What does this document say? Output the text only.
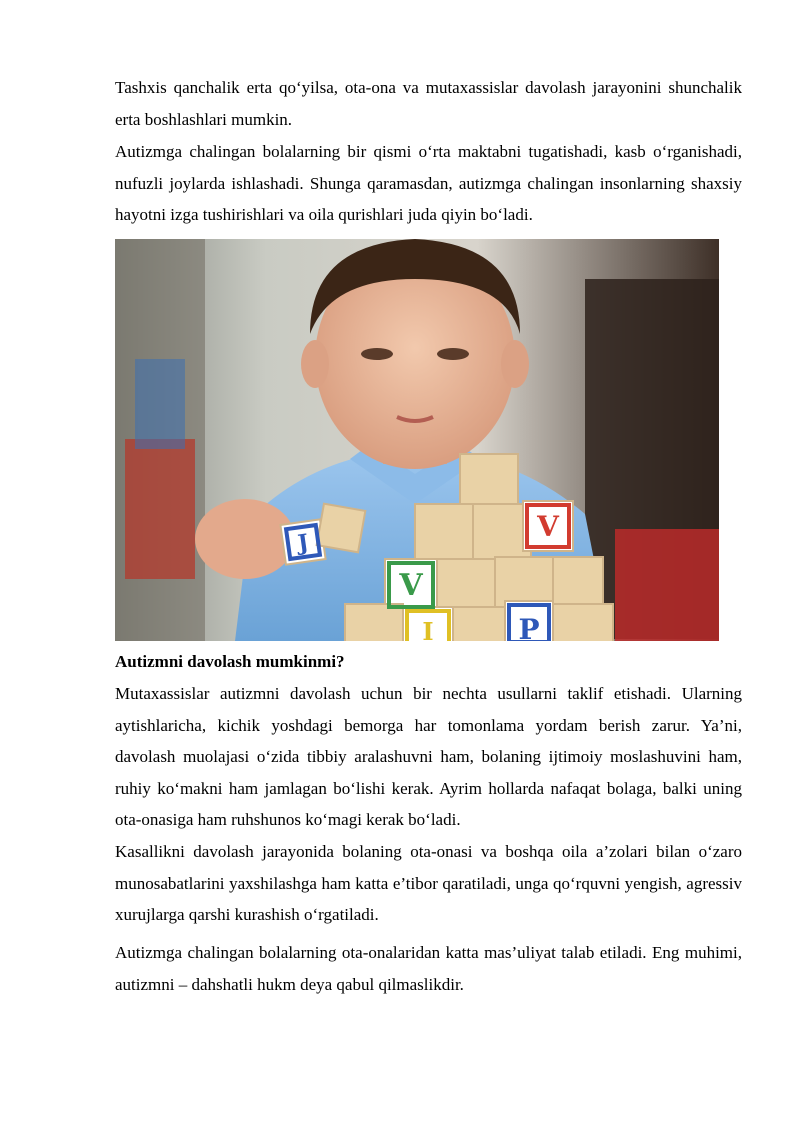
Tashxis qanchalik erta qo‘yilsa, ota-ona va mutaxassislar davolash jarayonini shunchalik erta boshlashlari mumkin.

Autizmga chalingan bolalarning bir qismi o‘rta maktabni tugatishadi, kasb o‘rganishadi, nufuzli joylarda ishlashadi. Shunga qaramasdan, autizmga chalingan insonlarning shaxsiy hayotni izga tushirishlari va oila qurishlari juda qiyin bo‘ladi.

J	V
V
I	P

Autizmni davolash mumkinmi?

Mutaxassislar autizmni davolash uchun bir nechta usullarni taklif etishadi. Ularning aytishlaricha, kichik yoshdagi bemorga har tomonlama yordam berish zarur. Ya’ni, davolash muolajasi o‘zida tibbiy aralashuvni ham, bolaning ijtimoiy moslashuvini ham, ruhiy ko‘makni ham jamlagan bo‘lishi kerak. Ayrim hollarda nafaqat bolaga, balki uning ota-onasiga ham ruhshunos ko‘magi kerak bo‘ladi.

Kasallikni davolash jarayonida bolaning ota-onasi va boshqa oila a’zolari bilan o‘zaro munosabatlarini yaxshilashga ham katta e’tibor qaratiladi, unga qo‘rquvni yengish, agressiv xurujlarga qarshi kurashish o‘rgatiladi.

Autizmga chalingan bolalarning ota-onalaridan katta mas’uliyat talab etiladi. Eng muhimi, autizmni – dahshatli hukm deya qabul qilmaslikdir.
